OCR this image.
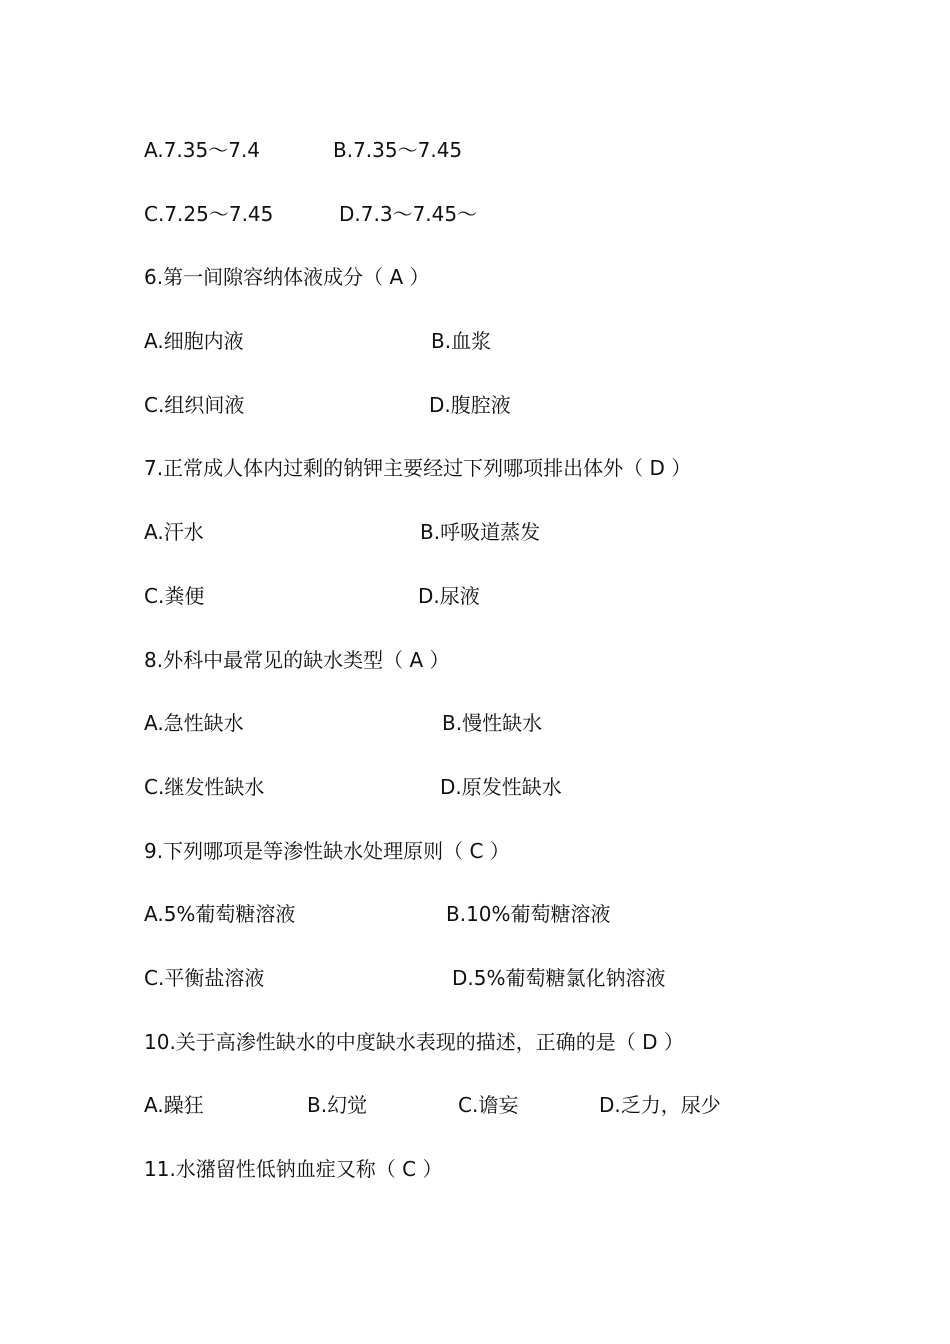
A.7.35～7.4	B.7.35～7.45
C.7.25～7.45	D.7.3～7.45～
6.第一间隙容纳体液成分（ A ）
A.细胞内液	B.血浆
C.组织间液	D.腹腔液
7.正常成人体内过剩的钠钾主要经过下列哪项排出体外（ D ）
A.汗水	B.呼吸道蒸发
C.粪便	D.尿液
8.外科中最常见的缺水类型（ A ）
A.急性缺水	B.慢性缺水
C.继发性缺水	D.原发性缺水
9.下列哪项是等渗性缺水处理原则（ C ）
A.5%葡萄糖溶液	B.10%葡萄糖溶液
C.平衡盐溶液	D.5%葡萄糖氯化钠溶液
10.关于高渗性缺水的中度缺水表现的描述，正确的是（ D ）
A.躁狂	B.幻觉	C.谵妄	D.乏力，尿少
11.水潴留性低钠血症又称（ C ）
